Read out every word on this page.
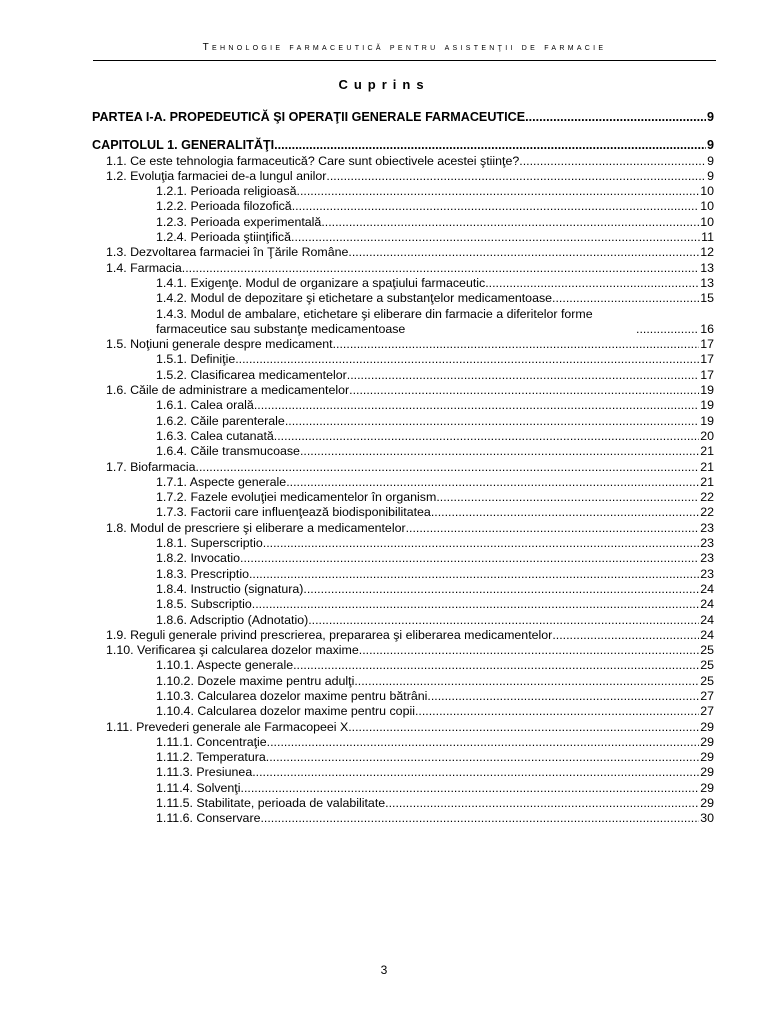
Tehnologie farmaceutică pentru asistenţii de farmacie
Cuprins
PARTEA I-A. PROPEDEUTICĂ ŞI OPERAŢII GENERALE FARMACEUTICE .....	9
CAPITOLUL 1. GENERALITĂŢI .....	9
1.1. Ce este tehnologia farmaceutică? Care sunt obiectivele acestei ştiinţe? .....	9
1.2. Evoluţia farmaciei de-a lungul anilor .....	9
1.2.1. Perioada religioasă .....	10
1.2.2. Perioada filozofică .....	10
1.2.3. Perioada experimentală .....	10
1.2.4. Perioada ştiinţifică .....	11
1.3. Dezvoltarea farmaciei în Ţările Române .....	12
1.4. Farmacia .....	13
1.4.1. Exigenţe. Modul de organizare a spaţiului farmaceutic .....	13
1.4.2. Modul de depozitare şi etichetare a substanţelor medicamentoase .....	15
1.4.3. Modul de ambalare, etichetare şi eliberare din farmacie a diferitelor forme farmaceutice sau substanţe medicamentoase .....	16
1.5. Noţiuni generale despre medicament .....	17
1.5.1. Definiţie .....	17
1.5.2. Clasificarea medicamentelor .....	17
1.6. Căile de administrare a medicamentelor .....	19
1.6.1. Calea orală .....	19
1.6.2. Căile parenterale .....	19
1.6.3. Calea cutanată .....	20
1.6.4. Căile transmucoase .....	21
1.7. Biofarmacia .....	21
1.7.1. Aspecte generale .....	21
1.7.2. Fazele evoluţiei medicamentelor în organism .....	22
1.7.3. Factorii care influenţează biodisponibilitatea .....	22
1.8. Modul de prescriere şi eliberare a medicamentelor .....	23
1.8.1. Superscriptio .....	23
1.8.2. Invocatio .....	23
1.8.3. Prescriptio .....	23
1.8.4. Instructio (signatura) .....	24
1.8.5. Subscriptio .....	24
1.8.6. Adscriptio (Adnotatio) .....	24
1.9. Reguli generale privind prescrierea, prepararea şi eliberarea medicamentelor .....	24
1.10. Verificarea şi calcularea dozelor maxime .....	25
1.10.1. Aspecte generale .....	25
1.10.2. Dozele maxime pentru adulţi .....	25
1.10.3. Calcularea dozelor maxime pentru bătrâni .....	27
1.10.4. Calcularea dozelor maxime pentru copii .....	27
1.11. Prevederi generale ale Farmacopeei X .....	29
1.11.1. Concentraţie .....	29
1.11.2. Temperatura .....	29
1.11.3. Presiunea .....	29
1.11.4. Solvenţi .....	29
1.11.5. Stabilitate, perioada de valabilitate .....	29
1.11.6. Conservare .....	30
3
